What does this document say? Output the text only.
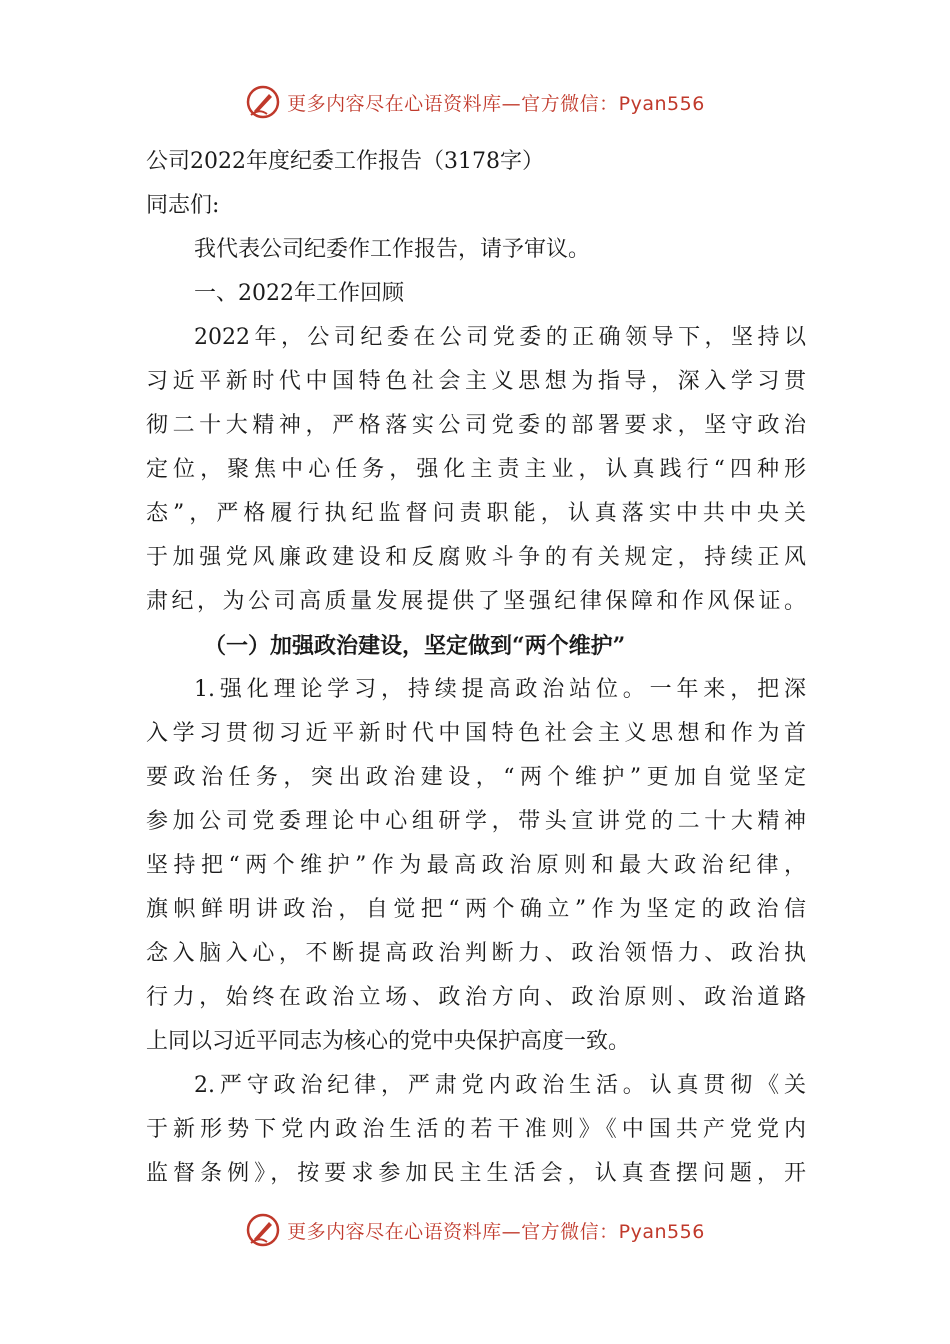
更多内容尽在心语资料库—官方微信：Pyan556
公司2022年度纪委工作报告（3178字）
同志们:
我代表公司纪委作工作报告，请予审议。
一、2022年工作回顾
2022年，公司纪委在公司党委的正确领导下，坚持以
习近平新时代中国特色社会主义思想为指导，深入学习贯
彻二十大精神，严格落实公司党委的部署要求，坚守政治
定位，聚焦中心任务，强化主责主业，认真践行“四种形
态”，严格履行执纪监督问责职能，认真落实中共中央关
于加强党风廉政建设和反腐败斗争的有关规定，持续正风
肃纪，为公司高质量发展提供了坚强纪律保障和作风保证。
（一）加强政治建设，坚定做到“两个维护”
1.强化理论学习，持续提高政治站位。一年来，把深
入学习贯彻习近平新时代中国特色社会主义思想和作为首
要政治任务，突出政治建设，“两个维护”更加自觉坚定
参加公司党委理论中心组研学，带头宣讲党的二十大精神
坚持把“两个维护”作为最高政治原则和最大政治纪律，
旗帜鲜明讲政治，自觉把“两个确立”作为坚定的政治信
念入脑入心，不断提高政治判断力、政治领悟力、政治执
行力，始终在政治立场、政治方向、政治原则、政治道路
上同以习近平同志为核心的党中央保护高度一致。
2.严守政治纪律，严肃党内政治生活。认真贯彻《关
于新形势下党内政治生活的若干准则》《中国共产党党内
监督条例》，按要求参加民主生活会，认真查摆问题，开
更多内容尽在心语资料库—官方微信：Pyan556
